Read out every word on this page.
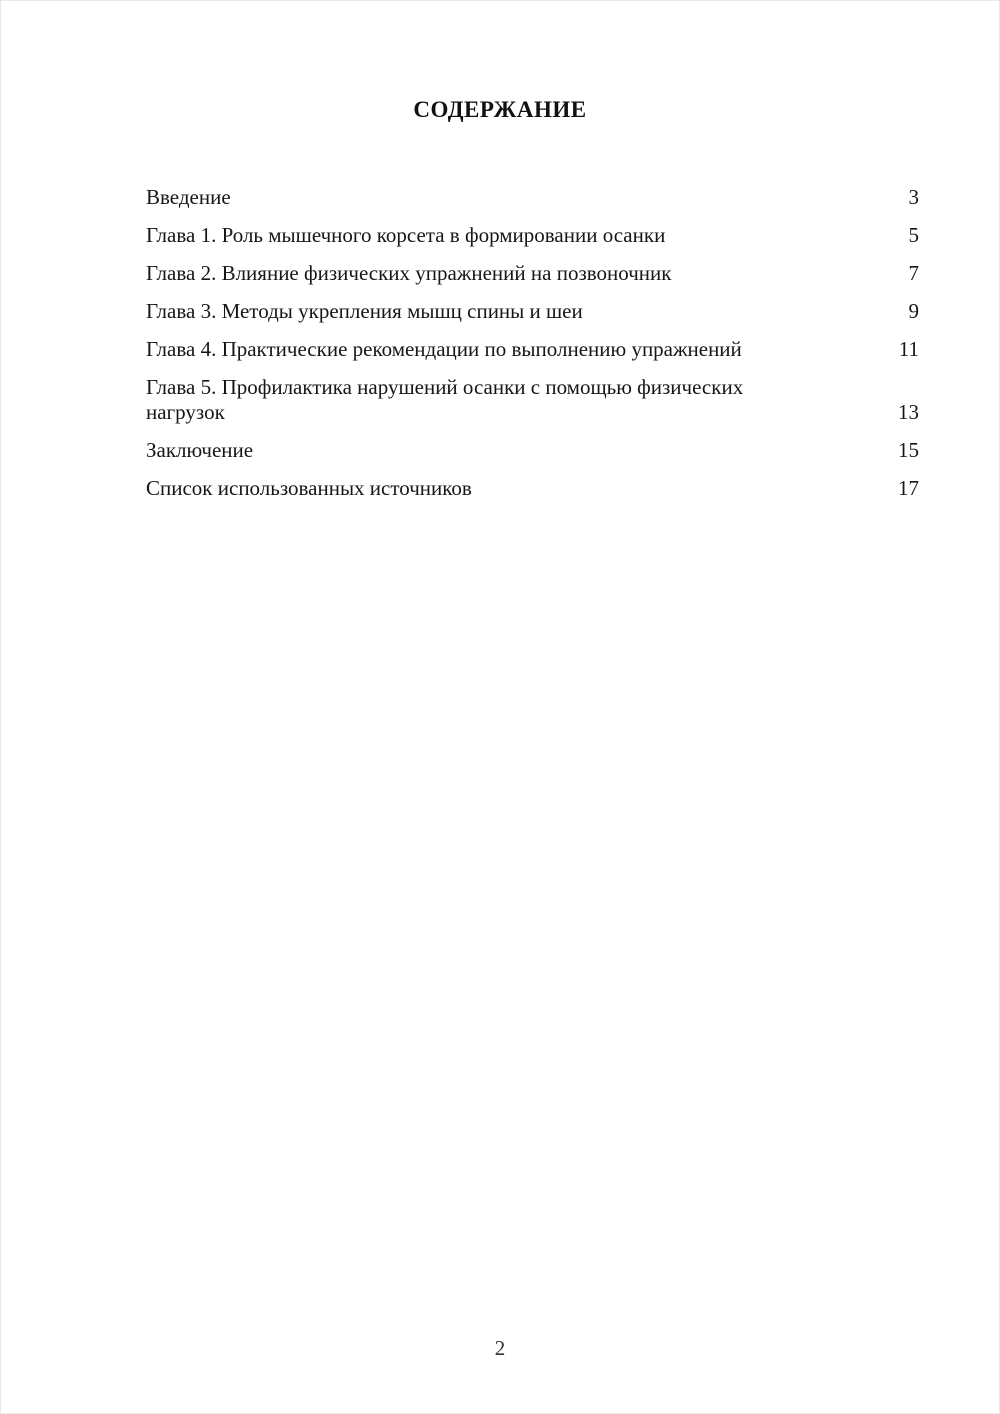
СОДЕРЖАНИЕ
Введение	3
Глава 1. Роль мышечного корсета в формировании осанки	5
Глава 2. Влияние физических упражнений на позвоночник	7
Глава 3. Методы укрепления мышц спины и шеи	9
Глава 4. Практические рекомендации по выполнению упражнений	11
Глава 5. Профилактика нарушений осанки с помощью физических нагрузок	13
Заключение	15
Список использованных источников	17
2
